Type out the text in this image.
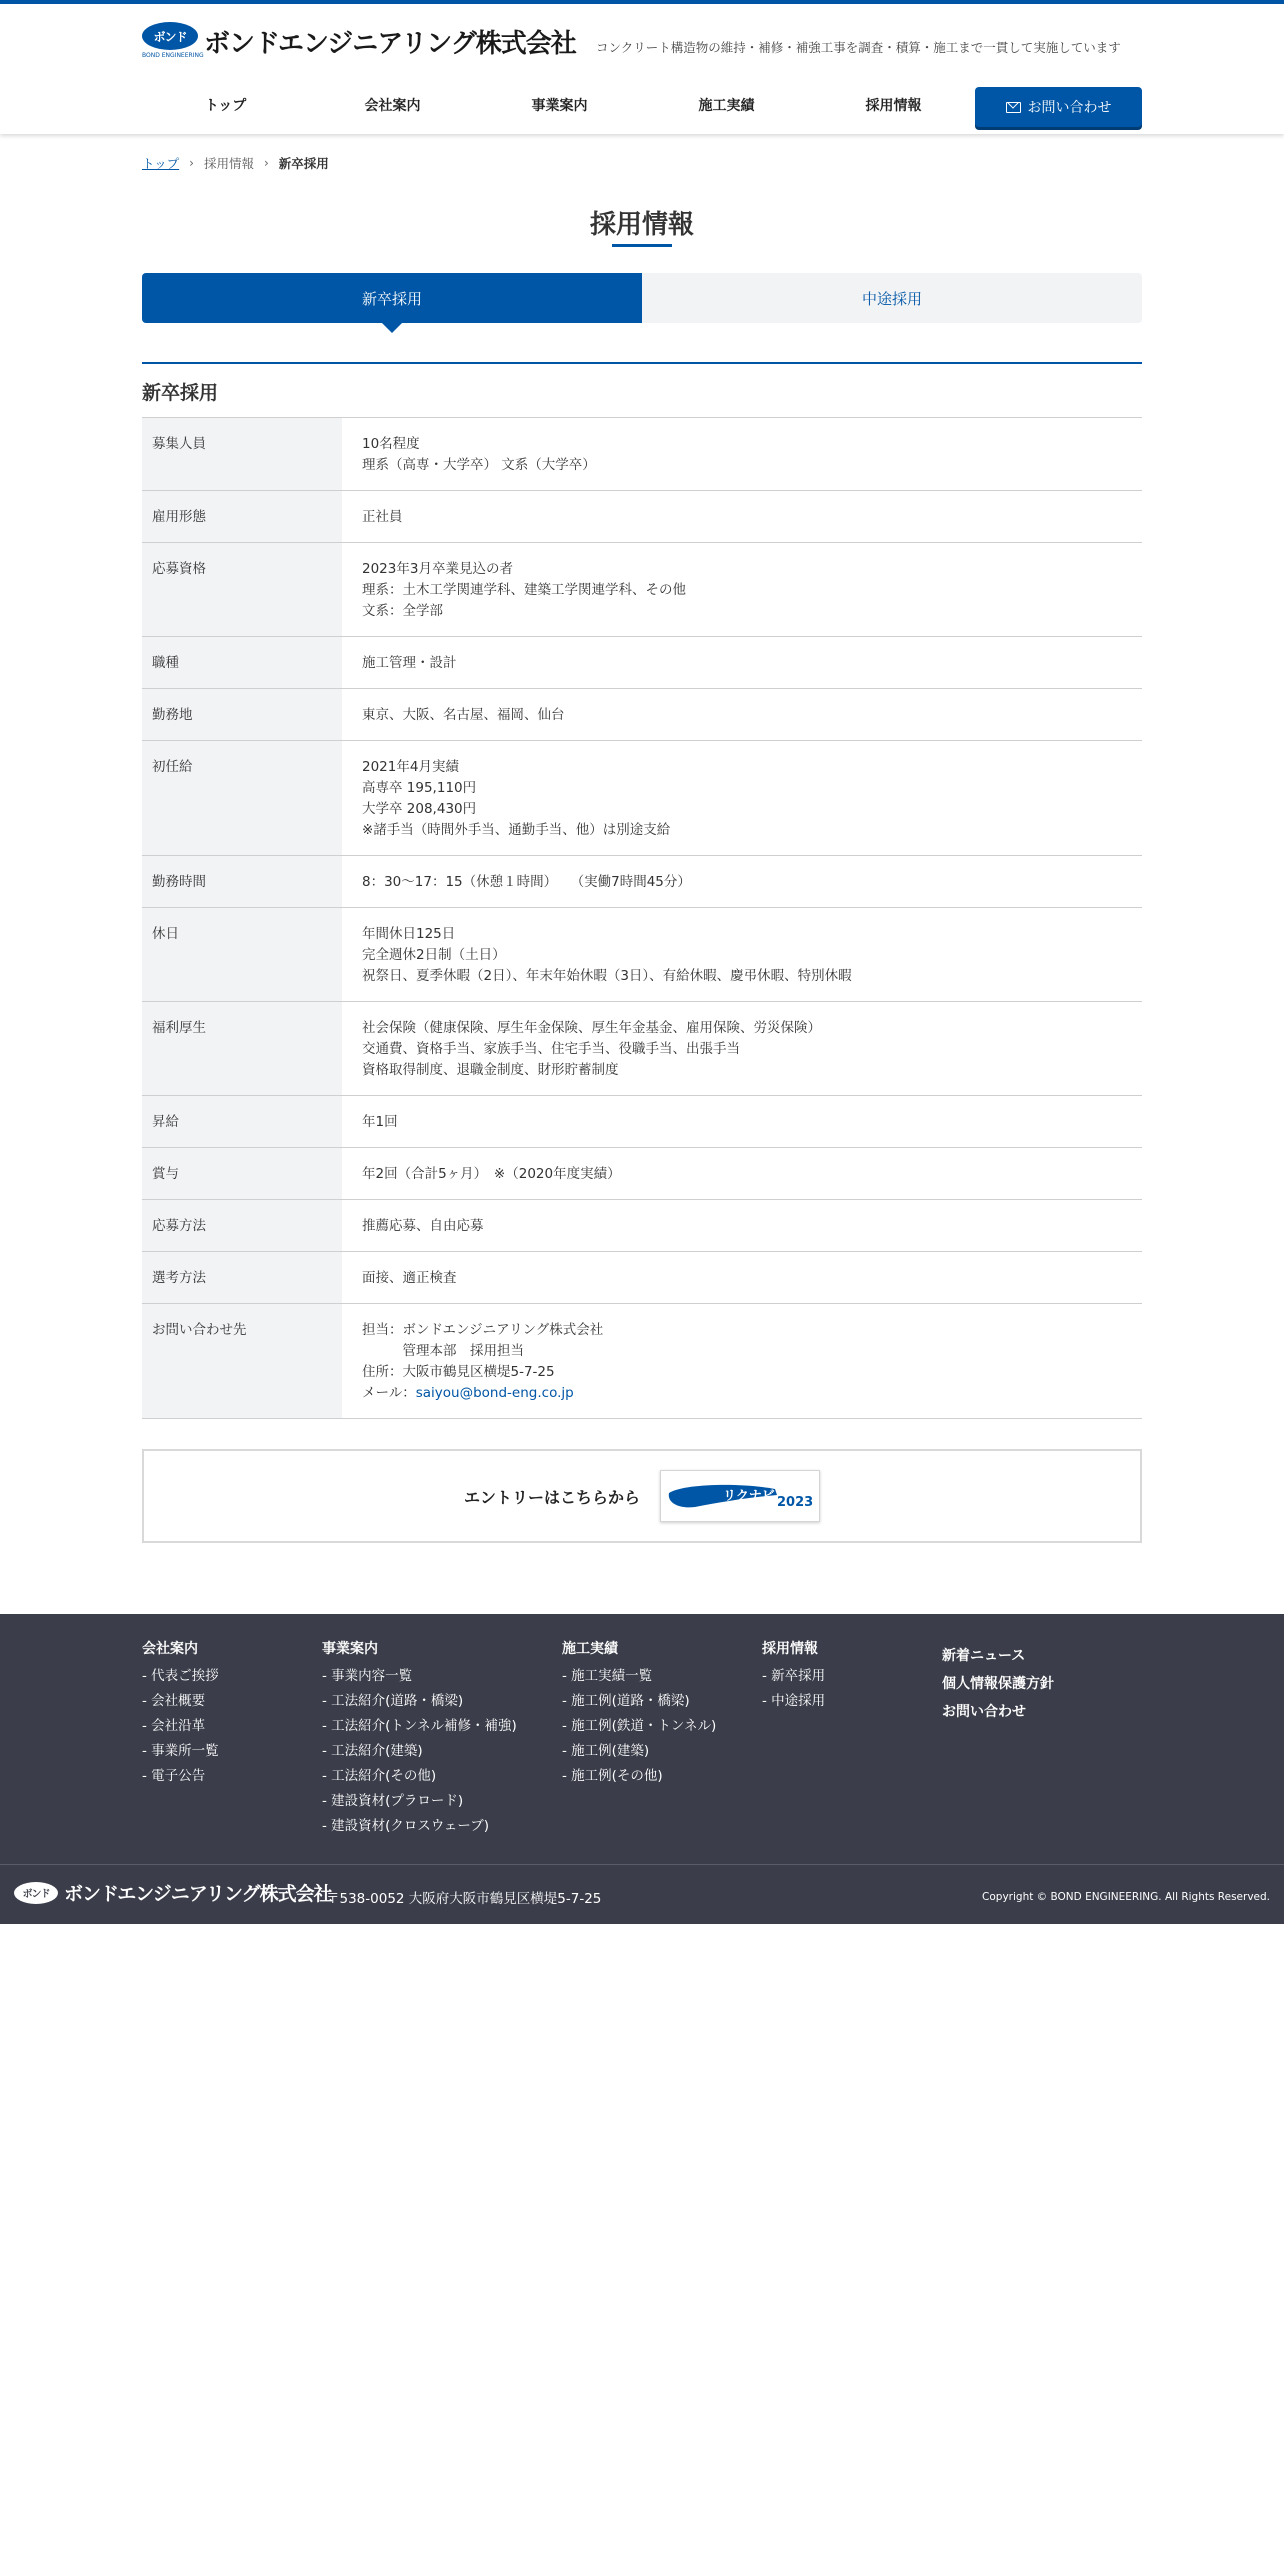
ボンド
BOND ENGINEERING ボンドエンジニアリング株式会社 コンクリート構造物の維持・補修・補強工事を調査・積算・施工まで一貫して実施しています
トップ	会社案内	事業案内	施工実績	採用情報	お問い合わせ
トップ › 採用情報 › 新卒採用
採用情報
新卒採用	中途採用
新卒採用
募集人員	10名程度
理系（高専・大学卒） 文系（大学卒）

雇用形態	正社員

応募資格	2023年3月卒業見込の者
理系：土木工学関連学科、建築工学関連学科、その他
文系：全学部

職種	施工管理・設計

勤務地	東京、大阪、名古屋、福岡、仙台

初任給	2021年4月実績
高専卒 195,110円
大学卒 208,430円
※諸手当（時間外手当、通勤手当、他）は別途支給

勤務時間	8：30～17：15（休憩１時間）　　（実働7時間45分）

休日	年間休日125日
完全週休2日制（土日）
祝祭日、夏季休暇（2日）、年末年始休暇（3日）、有給休暇、慶弔休暇、特別休暇

福利厚生	社会保険（健康保険、厚生年金保険、厚生年金基金、雇用保険、労災保険）
交通費、資格手当、家族手当、住宅手当、役職手当、出張手当
資格取得制度、退職金制度、財形貯蓄制度

昇給	年1回

賞与	年2回（合計5ヶ月）　※（2020年度実績）

応募方法	推薦応募、自由応募

選考方法	面接、適正検査

お問い合わせ先	担当：ボンドエンジニアリング株式会社
　　　管理本部　採用担当
住所：大阪市鶴見区横堤5-7-25
メール：saiyou@bond-eng.co.jp
エントリーはこちらから	リクナビ 2023
会社案内
- 代表ご挨拶
- 会社概要
- 会社沿革
- 事業所一覧
- 電子公告
事業案内
- 事業内容一覧
- 工法紹介(道路・橋梁)
- 工法紹介(トンネル補修・補強)
- 工法紹介(建築)
- 工法紹介(その他)
- 建設資材(プラロード)
- 建設資材(クロスウェーブ)
施工実績
- 施工実績一覧
- 施工例(道路・橋梁)
- 施工例(鉄道・トンネル)
- 施工例(建築)
- 施工例(その他)
採用情報
- 新卒採用
- 中途採用
新着ニュース
個人情報保護方針
お問い合わせ
ボンド ボンドエンジニアリング株式会社
〒538-0052 大阪府大阪市鶴見区横堤5-7-25	Copyright © BOND ENGINEERING. All Rights Reserved.
